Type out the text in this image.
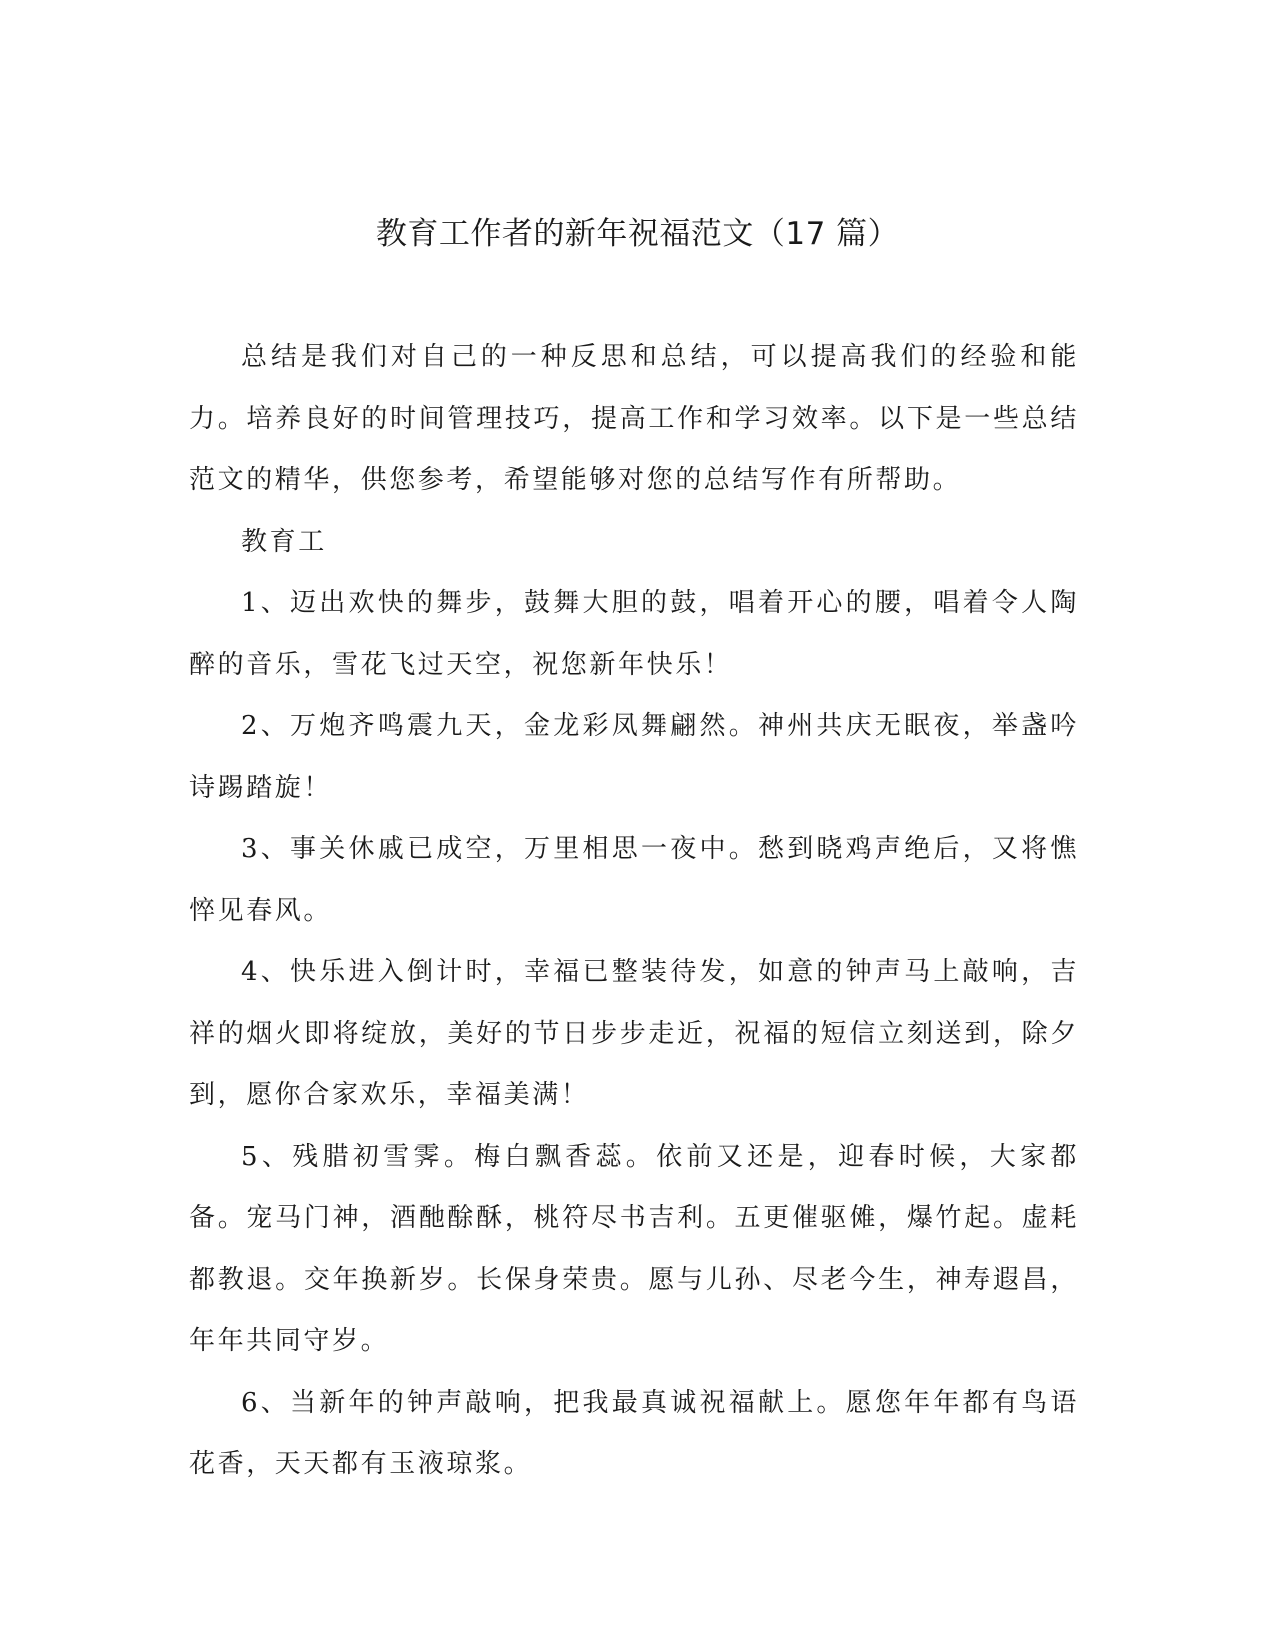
教育工作者的新年祝福范文（17 篇）

总结是我们对自己的一种反思和总结，可以提高我们的经验和能力。培养良好的时间管理技巧，提高工作和学习效率。以下是一些总结范文的精华，供您参考，希望能够对您的总结写作有所帮助。

教育工

1、迈出欢快的舞步，鼓舞大胆的鼓，唱着开心的腰，唱着令人陶醉的音乐，雪花飞过天空，祝您新年快乐！

2、万炮齐鸣震九天，金龙彩凤舞翩然。神州共庆无眠夜，举盏吟诗踢踏旋！

3、事关休戚已成空，万里相思一夜中。愁到晓鸡声绝后，又将憔悴见春风。

4、快乐进入倒计时，幸福已整装待发，如意的钟声马上敲响，吉祥的烟火即将绽放，美好的节日步步走近，祝福的短信立刻送到，除夕到，愿你合家欢乐，幸福美满！

5、残腊初雪霁。梅白飘香蕊。依前又还是，迎春时候，大家都备。宠马门神，酒酏酴酥，桃符尽书吉利。五更催驱傩，爆竹起。虚耗都教退。交年换新岁。长保身荣贵。愿与儿孙、尽老今生，神寿遐昌，年年共同守岁。

6、当新年的钟声敲响，把我最真诚祝福献上。愿您年年都有鸟语花香，天天都有玉液琼浆。
